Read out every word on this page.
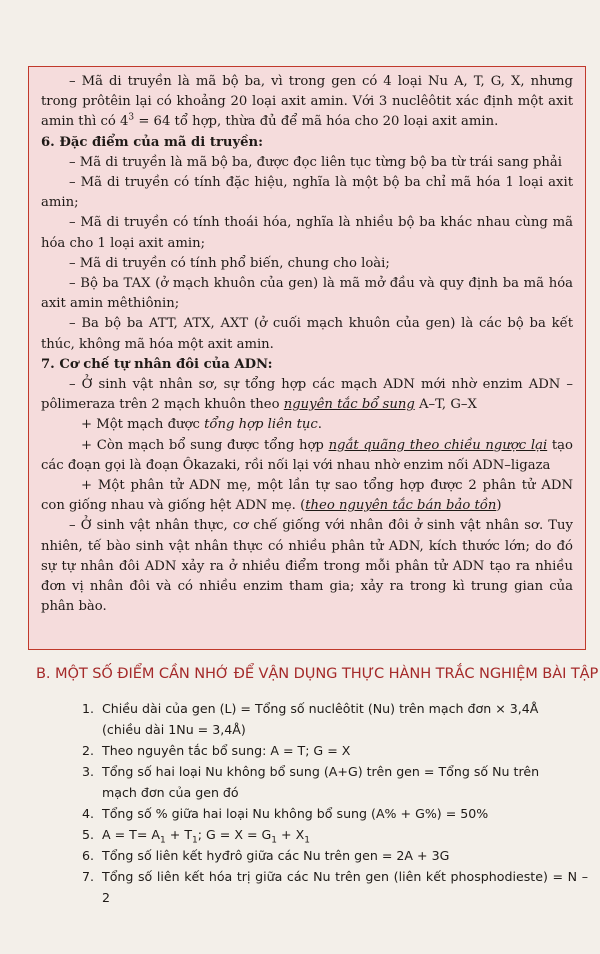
– Mã di truyền là mã bộ ba, vì trong gen có 4 loại Nu A, T, G, X, nhưng trong prôtêin lại có khoảng 20 loại axit amin. Với 3 nuclêôtit xác định một axit amin thì có $4^3 = 64$ tổ hợp, thừa đủ để mã hóa cho 20 loại axit amin.

6. Đặc điểm của mã di truyền:

– Mã di truyền là mã bộ ba, được đọc liên tục từng bộ ba từ trái sang phải

– Mã di truyền có tính đặc hiệu, nghĩa là một bộ ba chỉ mã hóa 1 loại axit amin;

– Mã di truyền có tính thoái hóa, nghĩa là nhiều bộ ba khác nhau cùng mã hóa cho 1 loại axit amin;

– Mã di truyền có tính phổ biến, chung cho loài;

– Bộ ba TAX (ở mạch khuôn của gen) là mã mở đầu và quy định ba mã hóa axit amin mêthiônin;

– Ba bộ ba ATT, ATX, AXT (ở cuối mạch khuôn của gen) là các bộ ba kết thúc, không mã hóa một axit amin.

7. Cơ chế tự nhân đôi của ADN:

– Ở sinh vật nhân sơ, sự tổng hợp các mạch ADN mới nhờ enzim ADN – pôlimeraza trên 2 mạch khuôn theo nguyên tắc bổ sung A–T, G–X

+ Một mạch được tổng hợp liên tục.

+ Còn mạch bổ sung được tổng hợp ngắt quãng theo chiều ngược lại tạo các đoạn gọi là đoạn Ôkazaki, rồi nối lại với nhau nhờ enzim nối ADN–ligaza

+ Một phân tử ADN mẹ, một lần tự sao tổng hợp được 2 phân tử ADN con giống nhau và giống hệt ADN mẹ. (theo nguyên tắc bán bảo tồn)

– Ở sinh vật nhân thực, cơ chế giống với nhân đôi ở sinh vật nhân sơ. Tuy nhiên, tế bào sinh vật nhân thực có nhiều phân tử ADN, kích thước lớn; do đó sự tự nhân đôi ADN xảy ra ở nhiều điểm trong mỗi phân tử ADN tạo ra nhiều đơn vị nhân đôi và có nhiều enzim tham gia; xảy ra trong kì trung gian của phân bào.

B. MỘT SỐ ĐIỂM CẦN NHỚ ĐỂ VẬN DỤNG THỰC HÀNH TRẮC NGHIỆM BÀI TẬP
1. Chiều dài của gen (L) = Tổng số nuclêôtit (Nu) trên mạch đơn × 3,4Å
(chiều dài 1Nu = 3,4Å)
2. Theo nguyên tắc bổ sung: A = T; G = X
3. Tổng số hai loại Nu không bổ sung (A+G) trên gen = Tổng số Nu trên
mạch đơn của gen đó
4. Tổng số % giữa hai loại Nu không bổ sung (A% + G%) = 50%
5. $A = T= A_1 + T_1$; $G = X = G_1 + X_1$
6. Tổng số liên kết hyđrô giữa các Nu trên gen = 2A + 3G
7. Tổng số liên kết hóa trị giữa các Nu trên gen (liên kết phosphodieste) = N – 2
